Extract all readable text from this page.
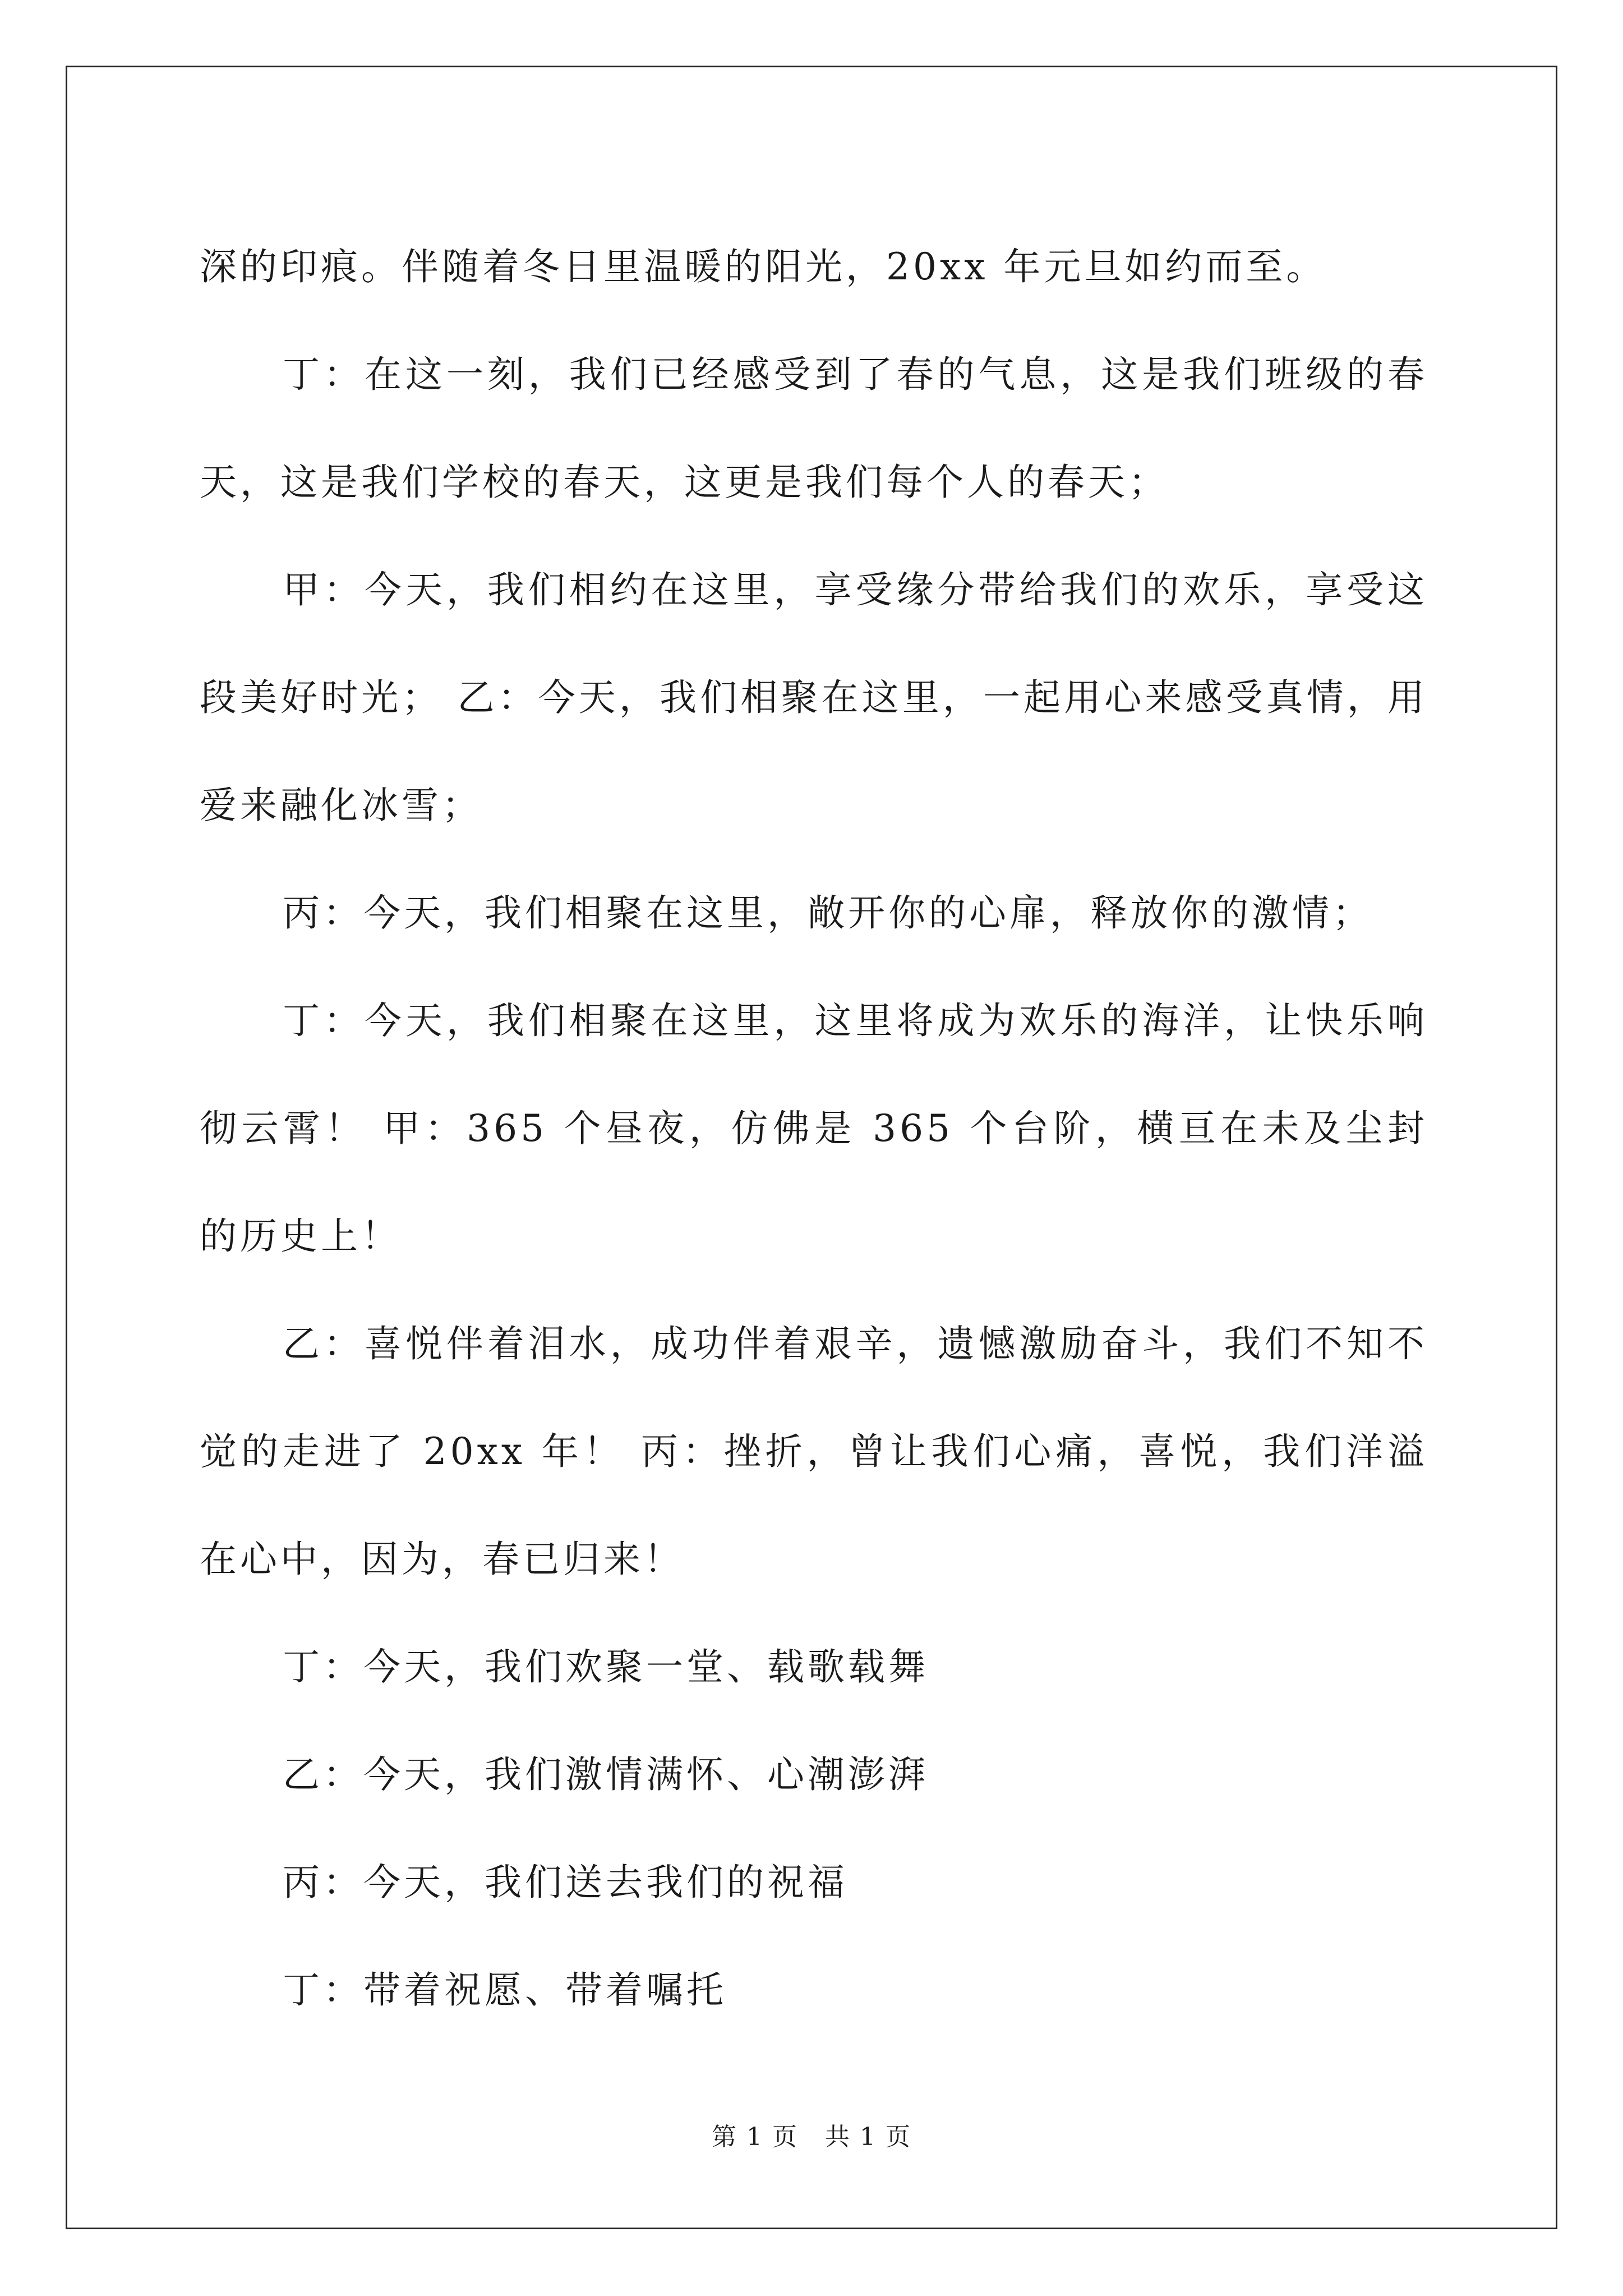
深的印痕。伴随着冬日里温暖的阳光，20xx 年元旦如约而至。

丁：在这一刻，我们已经感受到了春的气息，这是我们班级的春天，这是我们学校的春天，这更是我们每个人的春天；

甲：今天，我们相约在这里，享受缘分带给我们的欢乐，享受这段美好时光； 乙：今天，我们相聚在这里，一起用心来感受真情，用爱来融化冰雪；

丙：今天，我们相聚在这里，敞开你的心扉，释放你的激情；

丁：今天，我们相聚在这里，这里将成为欢乐的海洋，让快乐响彻云霄！ 甲：365 个昼夜，仿佛是 365 个台阶，横亘在未及尘封的历史上！

乙：喜悦伴着泪水，成功伴着艰辛，遗憾激励奋斗，我们不知不觉的走进了 20xx 年！ 丙：挫折，曾让我们心痛，喜悦，我们洋溢在心中，因为，春已归来！

丁：今天，我们欢聚一堂、载歌载舞

乙：今天，我们激情满怀、心潮澎湃

丙：今天，我们送去我们的祝福

丁：带着祝愿、带着嘱托

第 1 页   共 1 页
